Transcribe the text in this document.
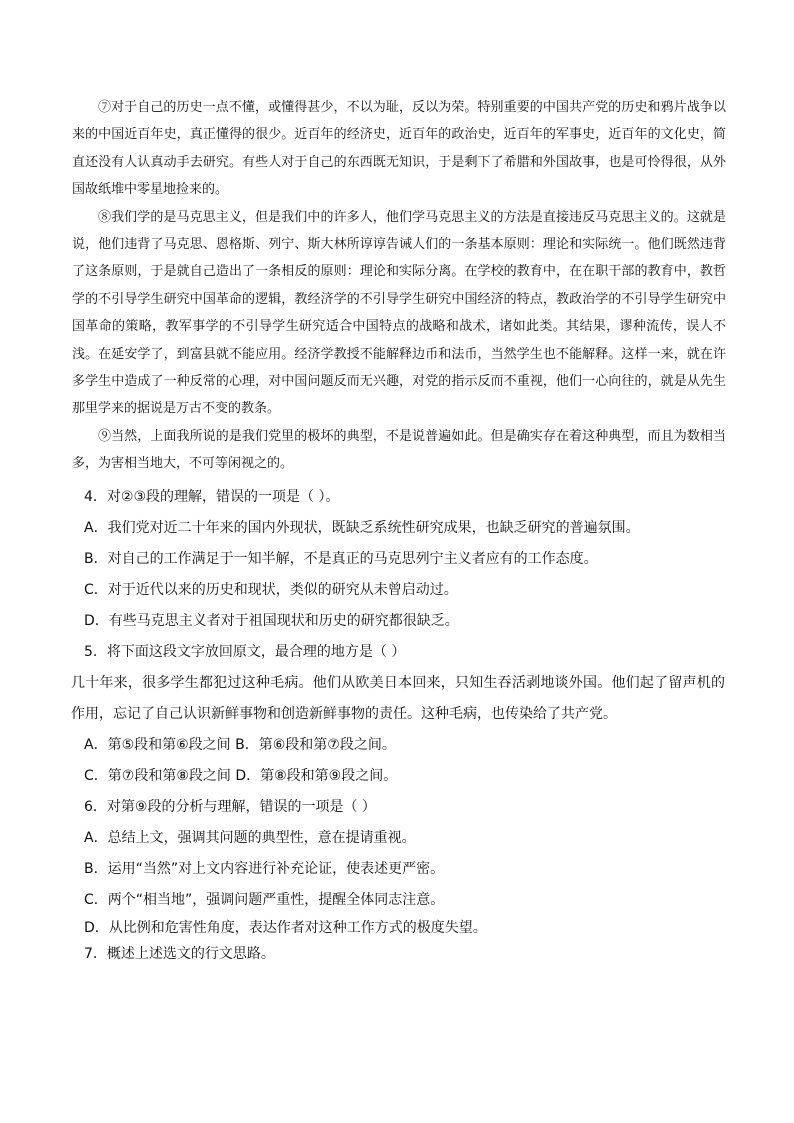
⑦对于自己的历史一点不懂，或懂得甚少，不以为耻，反以为荣。特别重要的中国共产党的历史和鸦片战争以来的中国近百年史，真正懂得的很少。近百年的经济史，近百年的政治史，近百年的军事史，近百年的文化史，简直还没有人认真动手去研究。有些人对于自己的东西既无知识，于是剩下了希腊和外国故事，也是可怜得很，从外国故纸堆中零星地捡来的。

⑧我们学的是马克思主义，但是我们中的许多人，他们学马克思主义的方法是直接违反马克思主义的。这就是说，他们违背了马克思、恩格斯、列宁、斯大林所谆谆告诫人们的一条基本原则：理论和实际统一。他们既然违背了这条原则，于是就自己造出了一条相反的原则：理论和实际分离。在学校的教育中，在在职干部的教育中，教哲学的不引导学生研究中国革命的逻辑，教经济学的不引导学生研究中国经济的特点，教政治学的不引导学生研究中国革命的策略，教军事学的不引导学生研究适合中国特点的战略和战术，诸如此类。其结果，谬种流传，误人不浅。在延安学了，到富县就不能应用。经济学教授不能解释边币和法币，当然学生也不能解释。这样一来，就在许多学生中造成了一种反常的心理，对中国问题反而无兴趣，对党的指示反而不重视，他们一心向往的，就是从先生那里学来的据说是万古不变的教条。

⑨当然，上面我所说的是我们党里的极坏的典型，不是说普遍如此。但是确实存在着这种典型，而且为数相当多，为害相当地大，不可等闲视之的。

4．对②③段的理解，错误的一项是（ ）。

A．我们党对近二十年来的国内外现状，既缺乏系统性研究成果，也缺乏研究的普遍氛围。

B．对自己的工作满足于一知半解，不是真正的马克思列宁主义者应有的工作态度。

C．对于近代以来的历史和现状，类似的研究从未曾启动过。

D．有些马克思主义者对于祖国现状和历史的研究都很缺乏。

5．将下面这段文字放回原文，最合理的地方是（ ）

几十年来，很多学生都犯过这种毛病。他们从欧美日本回来，只知生吞活剥地谈外国。他们起了留声机的作用，忘记了自己认识新鲜事物和创造新鲜事物的责任。这种毛病，也传染给了共产党。

A．第⑤段和第⑥段之间 B．第⑥段和第⑦段之间。

C．第⑦段和第⑧段之间 D．第⑧段和第⑨段之间。

6．对第⑨段的分析与理解，错误的一项是（ ）

A．总结上文，强调其问题的典型性，意在提请重视。

B．运用“当然”对上文内容进行补充论证，使表述更严密。

C．两个“相当地”，强调问题严重性，提醒全体同志注意。

D．从比例和危害性角度，表达作者对这种工作方式的极度失望。

7．概述上述选文的行文思路。
